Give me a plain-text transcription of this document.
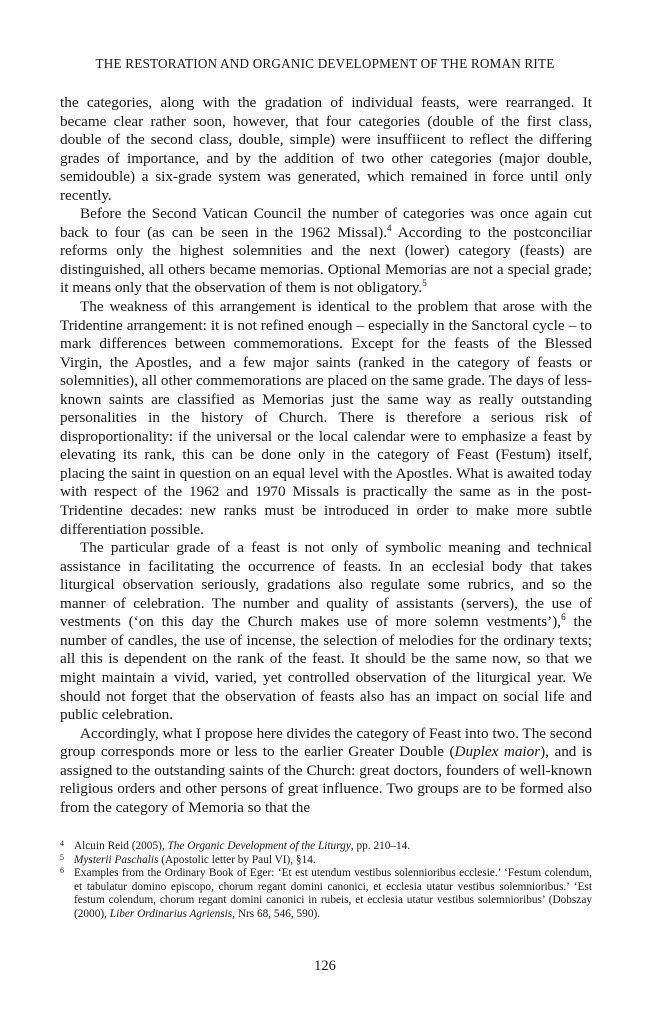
THE RESTORATION AND ORGANIC DEVELOPMENT OF THE ROMAN RITE

the categories, along with the gradation of individual feasts, were rearranged. It became clear rather soon, however, that four categories (double of the first class, double of the second class, double, simple) were insuffiicent to reflect the differing grades of importance, and by the addition of two other categories (major double, semidouble) a six-grade system was generated, which remained in force until only recently.

Before the Second Vatican Council the number of categories was once again cut back to four (as can be seen in the 1962 Missal).$^4$ According to the postconciliar reforms only the highest solemnities and the next (lower) category (feasts) are distinguished, all others became memorias. Optional Memorias are not a special grade; it means only that the observation of them is not obligatory.$^5$

The weakness of this arrangement is identical to the problem that arose with the Tridentine arrangement: it is not refined enough – especially in the Sanctoral cycle – to mark differences between commemorations. Except for the feasts of the Blessed Virgin, the Apostles, and a few major saints (ranked in the category of feasts or solemnities), all other commemorations are placed on the same grade. The days of less-known saints are classified as Memorias just the same way as really outstanding personalities in the history of Church. There is therefore a serious risk of disproportionality: if the universal or the local calendar were to emphasize a feast by elevating its rank, this can be done only in the category of Feast (Festum) itself, placing the saint in question on an equal level with the Apostles. What is awaited today with respect of the 1962 and 1970 Missals is practically the same as in the post-Tridentine decades: new ranks must be introduced in order to make more subtle differentiation possible.

The particular grade of a feast is not only of symbolic meaning and technical assistance in facilitating the occurrence of feasts. In an ecclesial body that takes liturgical observation seriously, gradations also regulate some rubrics, and so the manner of celebration. The number and quality of assistants (servers), the use of vestments (‘on this day the Church makes use of more solemn vestments’),$^6$ the number of candles, the use of incense, the selection of melodies for the ordinary texts; all this is dependent on the rank of the feast. It should be the same now, so that we might maintain a vivid, varied, yet controlled observation of the liturgical year. We should not forget that the observation of feasts also has an impact on social life and public celebration.

Accordingly, what I propose here divides the category of Feast into two. The second group corresponds more or less to the earlier Greater Double (Duplex maior), and is assigned to the outstanding saints of the Church: great doctors, founders of well-known religious orders and other persons of great influence. Two groups are to be formed also from the category of Memoria so that the

4 Alcuin Reid (2005), The Organic Development of the Liturgy, pp. 210–14.
5 Mysterii Paschalis (Apostolic letter by Paul VI), §14.
6 Examples from the Ordinary Book of Eger: ‘Et est utendum vestibus solennioribus ecclesie.’ ‘Festum colendum, et tabulatur domino episcopo, chorum regant domini canonici, et ecclesia utatur vestibus solemnioribus.’ ‘Est festum colendum, chorum regant domini canonici in rubeis, et ecclesia utatur vestibus solemnioribus’ (Dobszay (2000), Liber Ordinarius Agriensis, Nrs 68, 546, 590).
126
